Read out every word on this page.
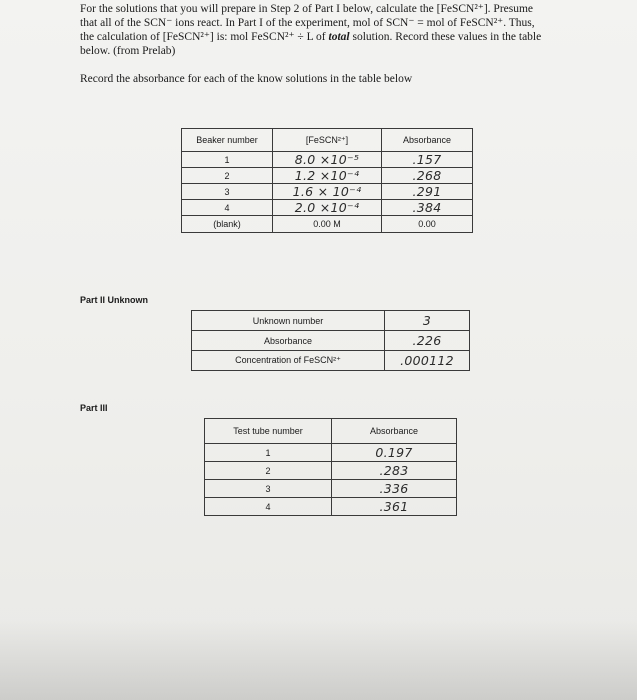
For the solutions that you will prepare in Step 2 of Part I below, calculate the [FeSCN²⁺]. Presume that all of the SCN⁻ ions react. In Part I of the experiment, mol of SCN⁻ = mol of FeSCN²⁺. Thus, the calculation of [FeSCN²⁺] is: mol FeSCN²⁺ ÷ L of total solution. Record these values in the table below. (from Prelab)
Record the absorbance for each of the know solutions in the table below
Beaker number	[FeSCN²⁺]	Absorbance
1	8.0 ×10⁻⁵	.157
2	1.2 ×10⁻⁴	.268
3	1.6 × 10⁻⁴	.291
4	2.0 ×10⁻⁴	.384
(blank)	0.00 M	0.00
Part II Unknown
Unknown number	3
Absorbance	.226
Concentration of FeSCN²⁺	.000112
Part III
Test tube number	Absorbance
1	0.197
2	.283
3	.336
4	.361
